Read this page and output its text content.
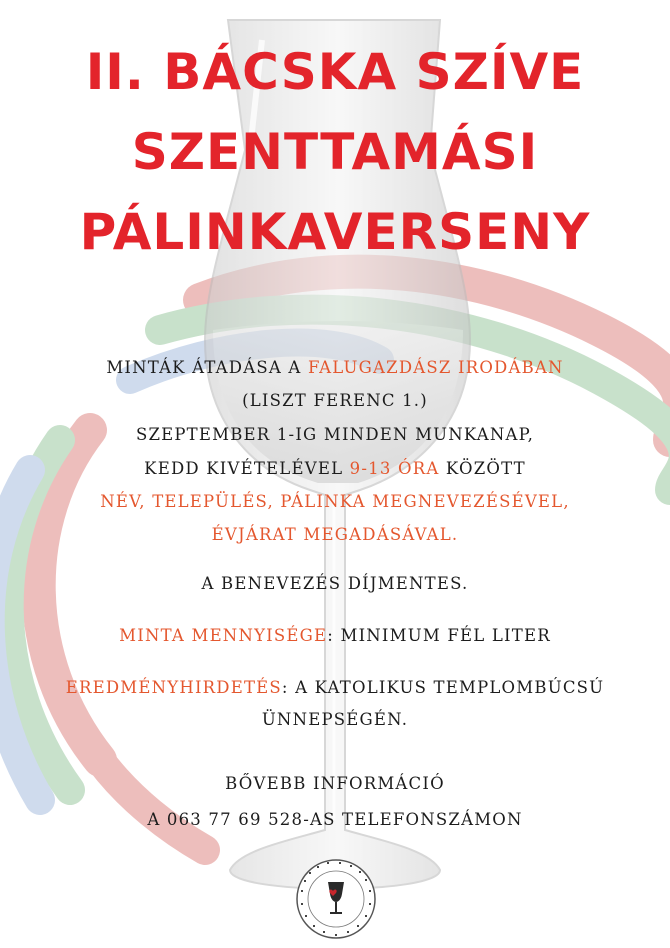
II. BÁCSKA SZÍVE
SZENTTAMÁSI
PÁLINKAVERSENY
MINTÁK ÁTADÁSA A FALUGAZDÁSZ IRODÁBAN
(LISZT FERENC 1.)
SZEPTEMBER 1-IG MINDEN MUNKANAP,
KEDD KIVÉTELÉVEL 9-13 ÓRA KÖZÖTT
NÉV, TELEPÜLÉS, PÁLINKA MEGNEVEZÉSÉVEL,
ÉVJÁRAT MEGADÁSÁVAL.
A BENEVEZÉS DÍJMENTES.
MINTA MENNYISÉGE: MINIMUM FÉL LITER
EREDMÉNYHIRDETÉS: A KATOLIKUS TEMPLOMBÚCSÚ
ÜNNEPSÉGÉN.
BŐVEBB INFORMÁCIÓ
A 063 77 69 528-AS TELEFONSZÁMON
